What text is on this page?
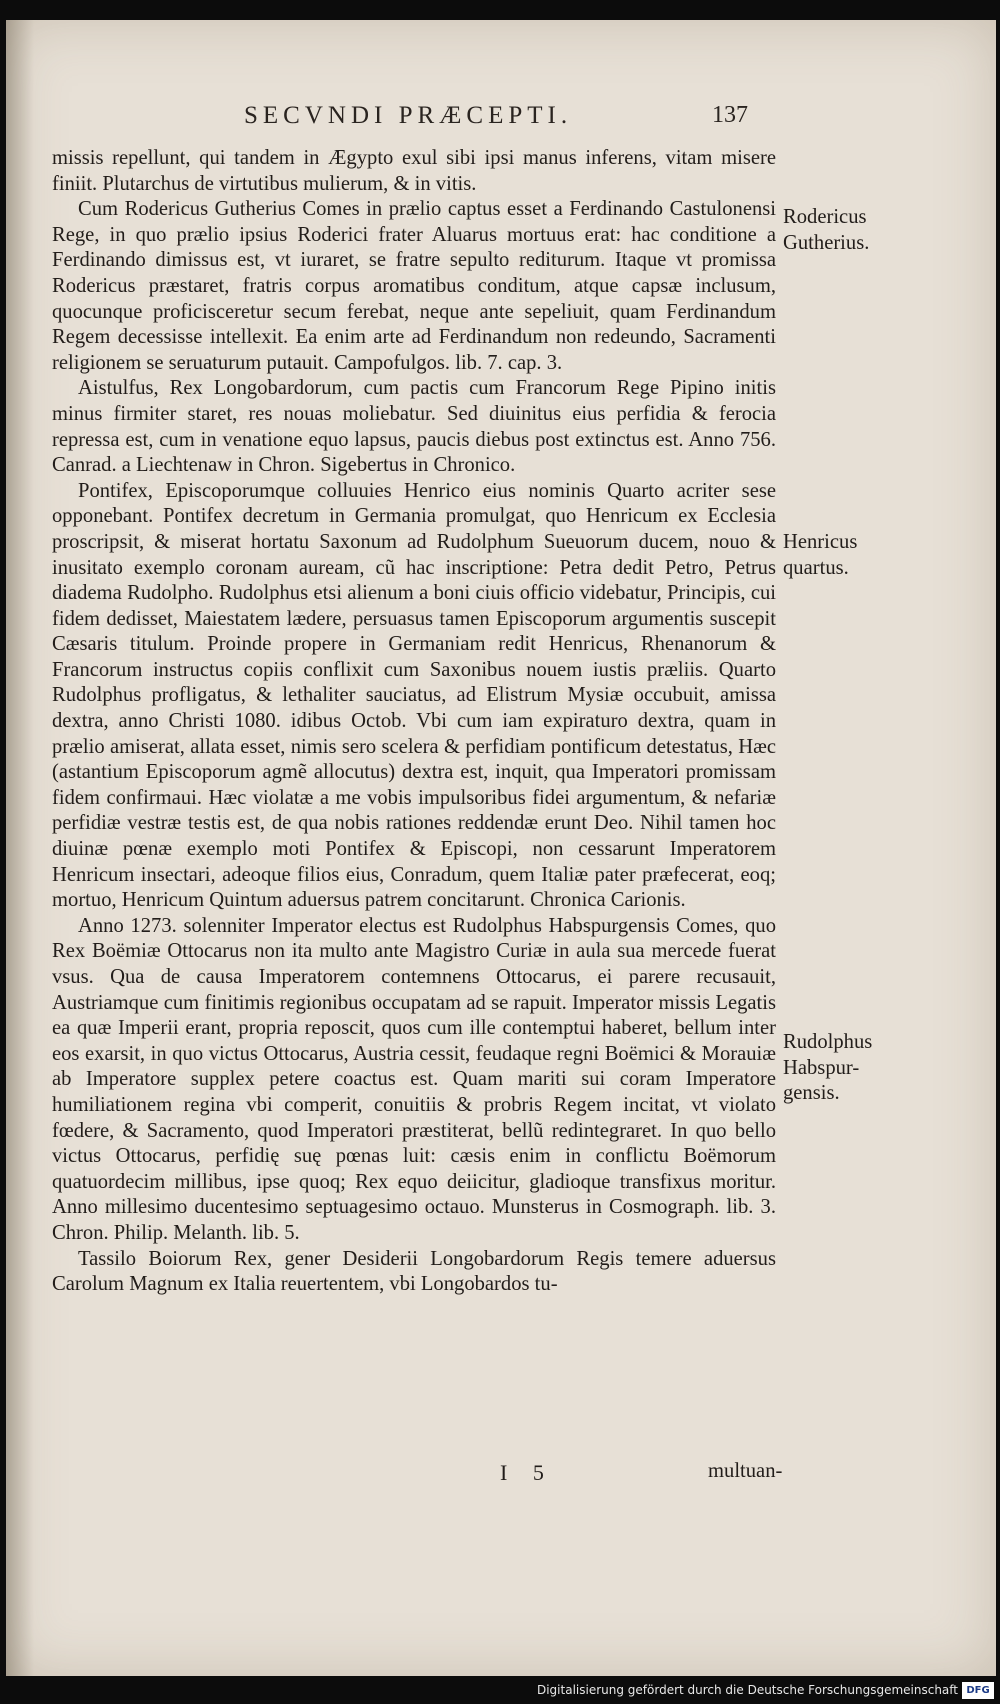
SECVNDI PRÆCEPTI.	137

missis repellunt, qui tandem in Ægypto exul sibi ipsi manus inferens, vitam misere finiit. Plutarchus de virtutibus mulierum, & in vitis.

Cum Rodericus Gutherius Comes in prælio captus esset a Ferdinando Castulonensi Rege, in quo prælio ipsius Roderici frater Aluarus mortuus erat: hac conditione a Ferdinando dimissus est, vt iuraret, se fratre sepulto rediturum. Itaque vt promissa Rodericus præstaret, fratris corpus aromatibus conditum, atque capsæ inclusum, quocunque proficisceretur secum ferebat, neque ante sepeliuit, quam Ferdinandum Regem decessisse intellexit. Ea enim arte ad Ferdinandum non redeundo, Sacramenti religionem se seruaturum putauit. Campofulgos. lib. 7. cap. 3.

Aistulfus, Rex Longobardorum, cum pactis cum Francorum Rege Pipino initis minus firmiter staret, res nouas moliebatur. Sed diuinitus eius perfidia & ferocia repressa est, cum in venatione equo lapsus, paucis diebus post extinctus est. Anno 756. Canrad. a Liechtenaw in Chron. Sigebertus in Chronico.

Pontifex, Episcoporumque colluuies Henrico eius nominis Quarto acriter sese opponebant. Pontifex decretum in Germania promulgat, quo Henricum ex Ecclesia proscripsit, & miserat hortatu Saxonum ad Rudolphum Sueuorum ducem, nouo & inusitato exemplo coronam auream, cũ hac inscriptione: Petra dedit Petro, Petrus diadema Rudolpho. Rudolphus etsi alienum a boni ciuis officio videbatur, Principis, cui fidem dedisset, Maiestatem lædere, persuasus tamen Episcoporum argumentis suscepit Cæsaris titulum. Proinde propere in Germaniam redit Henricus, Rhenanorum & Francorum instructus copiis conflixit cum Saxonibus nouem iustis præliis. Quarto Rudolphus profligatus, & lethaliter sauciatus, ad Elistrum Mysiæ occubuit, amissa dextra, anno Christi 1080. idibus Octob. Vbi cum iam expiraturo dextra, quam in prælio amiserat, allata esset, nimis sero scelera & perfidiam pontificum detestatus, Hæc (astantium Episcoporum agmẽ allocutus) dextra est, inquit, qua Imperatori promissam fidem confirmaui. Hæc violatæ a me vobis impulsoribus fidei argumentum, & nefariæ perfidiæ vestræ testis est, de qua nobis rationes reddendæ erunt Deo. Nihil tamen hoc diuinæ pœnæ exemplo moti Pontifex & Episcopi, non cessarunt Imperatorem Henricum insectari, adeoque filios eius, Conradum, quem Italiæ pater præfecerat, eoq; mortuo, Henricum Quintum aduersus patrem concitarunt. Chronica Carionis.

Anno 1273. solenniter Imperator electus est Rudolphus Habspurgensis Comes, quo Rex Boëmiæ Ottocarus non ita multo ante Magistro Curiæ in aula sua mercede fuerat vsus. Qua de causa Imperatorem contemnens Ottocarus, ei parere recusauit, Austriamque cum finitimis regionibus occupatam ad se rapuit. Imperator missis Legatis ea quæ Imperii erant, propria reposcit, quos cum ille contemptui haberet, bellum inter eos exarsit, in quo victus Ottocarus, Austria cessit, feudaque regni Boëmici & Morauiæ ab Imperatore supplex petere coactus est. Quam mariti sui coram Imperatore humiliationem regina vbi comperit, conuitiis & probris Regem incitat, vt violato fœdere, & Sacramento, quod Imperatori præstiterat, bellũ redintegraret. In quo bello victus Ottocarus, perfidię suę pœnas luit: cæsis enim in conflictu Boëmorum quatuordecim millibus, ipse quoq; Rex equo deiicitur, gladioque transfixus moritur. Anno millesimo ducentesimo septuagesimo octauo. Munsterus in Cosmograph. lib. 3. Chron. Philip. Melanth. lib. 5.

Tassilo Boiorum Rex, gener Desiderii Longobardorum Regis temere aduersus Carolum Magnum ex Italia reuertentem, vbi Longobardos tu-

Rodericus
Gutherius.
Henricus
quartus.
Rudolphus
Habspur-
gensis.
I 5	multuan-
Digitalisierung gefördert durch die Deutsche Forschungsgemeinschaft DFG
